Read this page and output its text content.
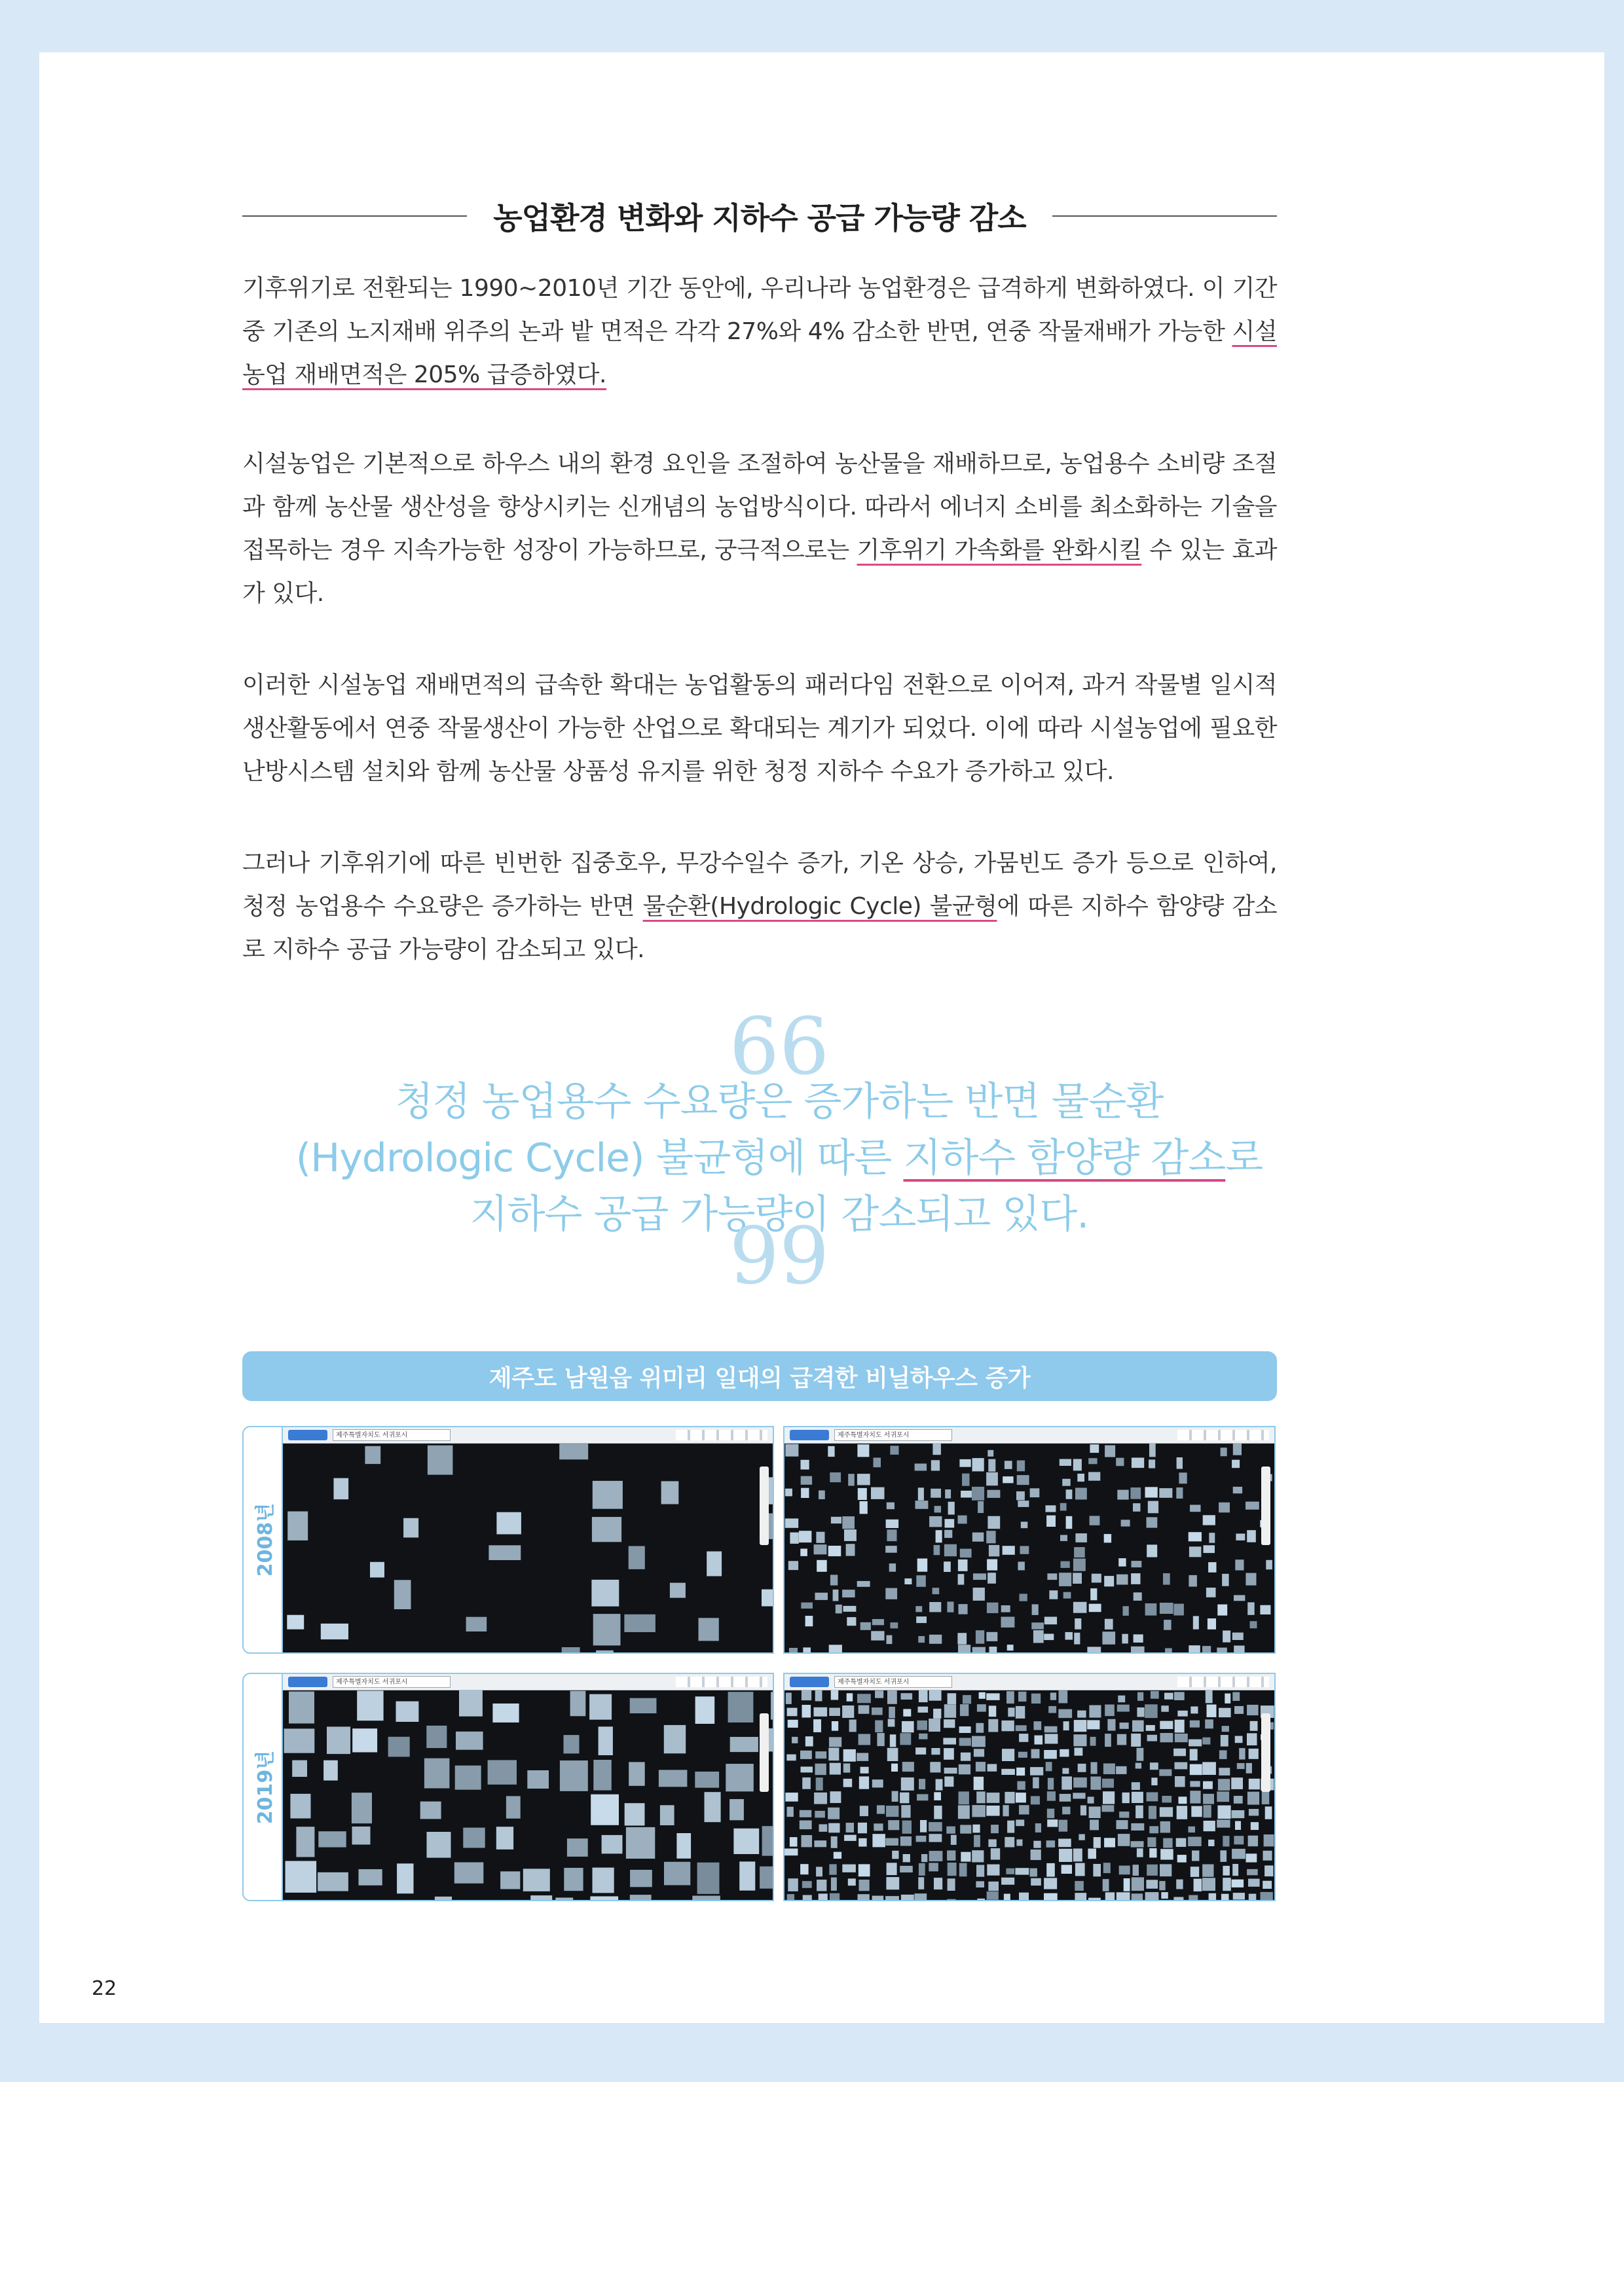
농업환경 변화와 지하수 공급 가능량 감소
기후위기로 전환되는 1990~2010년 기간 동안에, 우리나라 농업환경은 급격하게 변화하였다. 이 기간 중 기존의 노지재배 위주의 논과 밭 면적은 각각 27%와 4% 감소한 반면, 연중 작물재배가 가능한 시설농업 재배면적은 205% 급증하였다.
시설농업은 기본적으로 하우스 내의 환경 요인을 조절하여 농산물을 재배하므로, 농업용수 소비량 조절과 함께 농산물 생산성을 향상시키는 신개념의 농업방식이다. 따라서 에너지 소비를 최소화하는 기술을 접목하는 경우 지속가능한 성장이 가능하므로, 궁극적으로는 기후위기 가속화를 완화시킬 수 있는 효과가 있다.
이러한 시설농업 재배면적의 급속한 확대는 농업활동의 패러다임 전환으로 이어져, 과거 작물별 일시적 생산활동에서 연중 작물생산이 가능한 산업으로 확대되는 계기가 되었다. 이에 따라 시설농업에 필요한 난방시스템 설치와 함께 농산물 상품성 유지를 위한 청정 지하수 수요가 증가하고 있다.
그러나 기후위기에 따른 빈번한 집중호우, 무강수일수 증가, 기온 상승, 가뭄빈도 증가 등으로 인하여, 청정 농업용수 수요량은 증가하는 반면 물순환(Hydrologic Cycle) 불균형에 따른 지하수 함양량 감소로 지하수 공급 가능량이 감소되고 있다.
66
청정 농업용수 수요량은 증가하는 반면 물순환
(Hydrologic Cycle) 불균형에 따른 지하수 함양량 감소로
지하수 공급 가능량이 감소되고 있다.
99
제주도 남원읍 위미리 일대의 급격한 비닐하우스 증가
2008년
2019년
제주특별자치도 서귀포시	제주특별자치도 서귀포시
제주특별자치도 서귀포시	제주특별자치도 서귀포시
22
